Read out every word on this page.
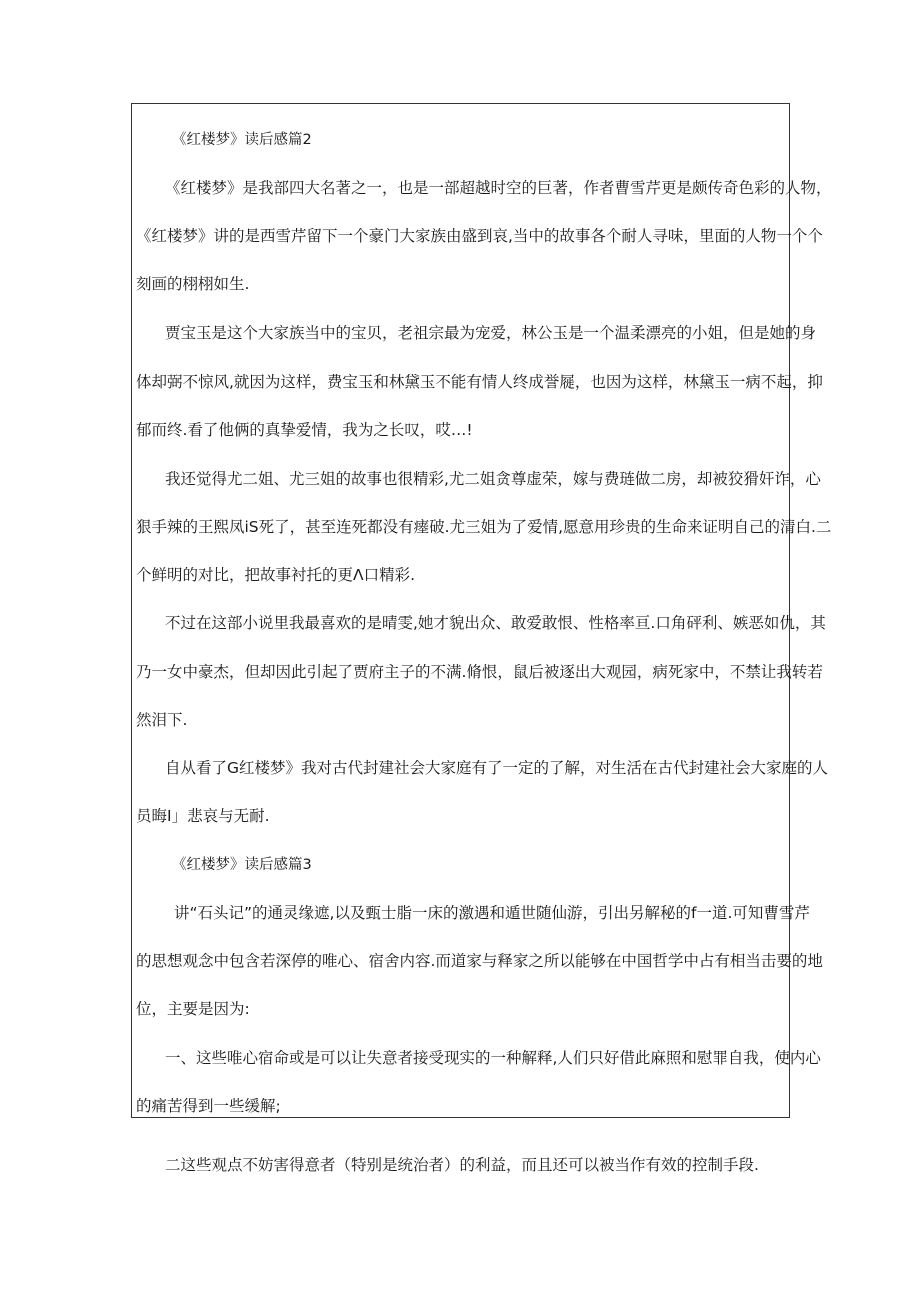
《红楼梦》读后感篇2
《红楼梦》是我部四大名著之一，也是一部超越时空的巨著，作者曹雪芹更是颇传奇色彩的人物，
《红楼梦》讲的是西雪芹留下一个豪门大家族由盛到哀,当中的故事各个耐人寻味，里面的人物一个个
刻画的栩栩如生.
贾宝玉是这个大家族当中的宝贝，老祖宗最为宠爱，林公玉是一个温柔漂亮的小姐，但是她的身
体却弼不惊风,就因为这样，费宝玉和林黛玉不能有情人终成誉屣，也因为这样，林黛玉一病不起，抑
郁而终.看了他俩的真挚爱情，我为之长叹，哎…!
我还觉得尤二姐、尤三姐的故事也很精彩,尤二姐贪尊虚荣，嫁与费琏做二房，却被狡猾奸诈，心
狠手辣的王熙凤iS死了，甚至连死都没有瘗破.尤三姐为了爱情,愿意用珍贵的生命来证明自己的清白.二
个鲜明的对比，把故事衬托的更Λ口精彩.
不过在这部小说里我最喜欢的是晴雯,她才貌出众、敢爱敢恨、性格率亘.口角砰利、嫉恶如仇，其
乃一女中豪杰，但却因此引起了贾府主子的不满.脩恨，鼠后被逐出大观园，病死家中，不禁让我转若
然泪下.
自从看了G红楼梦》我对古代封建社会大家庭有了一定的了解，对生活在古代封建社会大家庭的人
员晦I」悲哀与无耐.
《红楼梦》读后感篇3
讲“石头记”的通灵缘遮,以及甄士脂一床的激遇和遁世随仙游，引出另解秘的f一道.可知曹雪芹
的思想观念中包含若深停的唯心、宿舍内容.而道家与释家之所以能够在中国哲学中占有相当击要的地
位，主要是因为:
一、这些唯心宿命或是可以让失意者接受现实的一种解释,人们只好借此麻照和慰罪自我，使内心
的痛苦得到一些缓解;
二这些观点不妨害得意者（特别是统治者）的利益，而且还可以被当作有效的控制手段.
